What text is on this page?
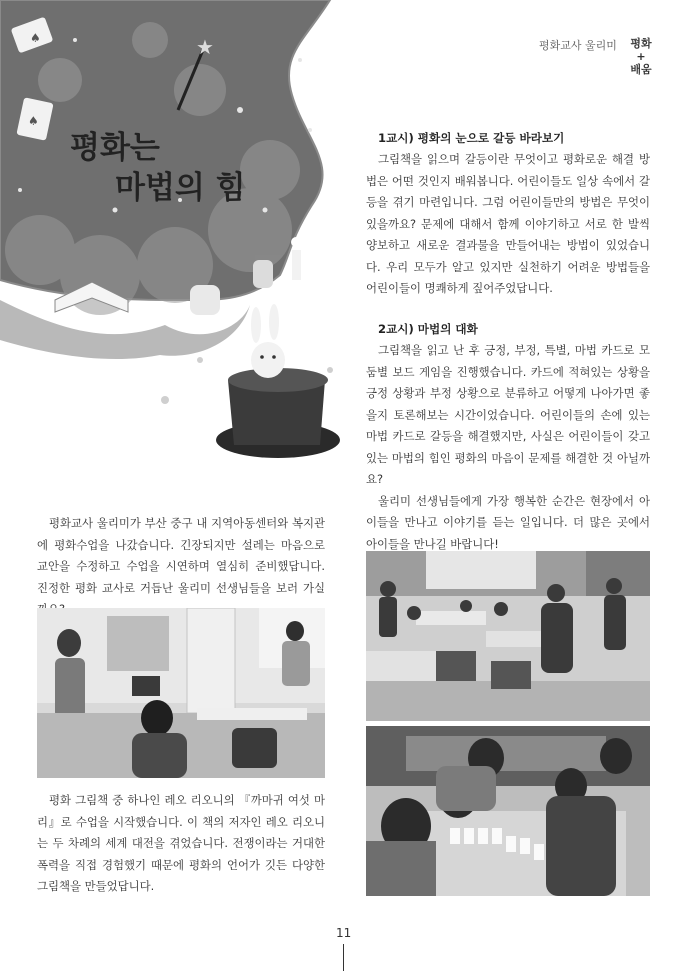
평화교사 울리미	평화
+
배움
♠
♠
★
평화는
마법의 힘
1교시) 평화의 눈으로 갈등 바라보기
그림책을 읽으며 갈등이란 무엇이고 평화로운 해결 방법은 어떤 것인지 배워봅니다. 어린이들도 일상 속에서 갈등을 겪기 마련입니다. 그럼 어린이들만의 방법은 무엇이 있을까요? 문제에 대해서 함께 이야기하고 서로 한 발씩 양보하고 새로운 결과물을 만들어내는 방법이 있었습니다. 우리 모두가 알고 있지만 실천하기 어려운 방법들을 어린이들이 명쾌하게 짚어주었답니다.
2교시) 마법의 대화
그림책을 읽고 난 후 긍정, 부정, 특별, 마법 카드로 모둠별 보드 게임을 진행했습니다. 카드에 적혀있는 상황을 긍정 상황과 부정 상황으로 분류하고 어떻게 나아가면 좋을지 토론해보는 시간이었습니다. 어린이들의 손에 있는 마법 카드로 갈등을 해결했지만, 사실은 어린이들이 갖고 있는 마법의 힘인 평화의 마음이 문제를 해결한 것 아닐까요?
울리미 선생님들에게 가장 행복한 순간은 현장에서 아이들을 만나고 이야기를 듣는 일입니다. 더 많은 곳에서 아이들을 만나길 바랍니다!
평화교사 울리미가 부산 중구 내 지역아동센터와 복지관에 평화수업을 나갔습니다. 긴장되지만 설레는 마음으로 교안을 수정하고 수업을 시연하며 열심히 준비했답니다. 진정한 평화 교사로 거듭난 울리미 선생님들을 보러 가실
평화 그림책 중 하나인 레오 리오니의 『까마귀 여섯 마리』로 수업을 시작했습니다. 이 책의 저자인 레오 리오니는 두 차례의 세계 대전을 겪었습니다. 전쟁이라는 거대한 폭력을 직접 경험했기 때문에 평화의 언어가 깃든 다양한 그림책을 만들었답니다.
11
